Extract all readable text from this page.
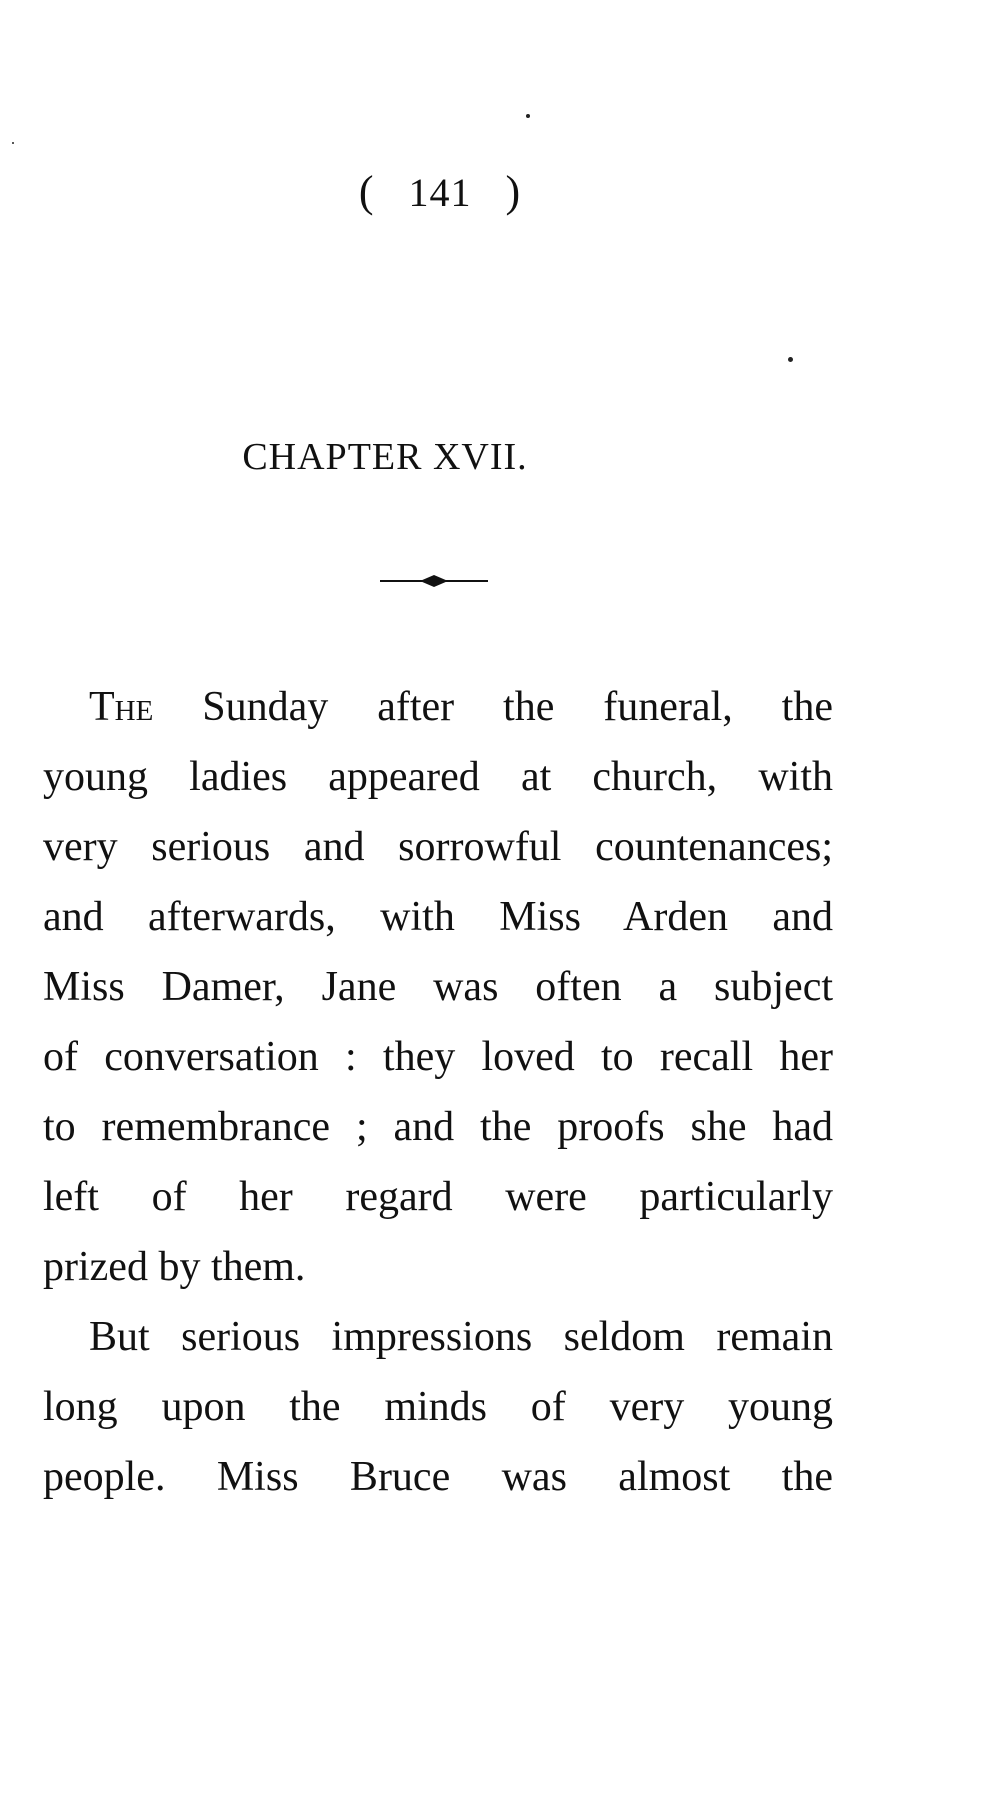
( 141 )
CHAPTER XVII.
The Sunday after the funeral, the
young ladies appeared at church, with
very serious and sorrowful countenances;
and afterwards, with Miss Arden and
Miss Damer, Jane was often a subject
of conversation : they loved to recall her
to remembrance ; and the proofs she had
left of her regard were particularly
prized by them.
But serious impressions seldom remain
long upon the minds of very young
people. Miss Bruce was almost the
